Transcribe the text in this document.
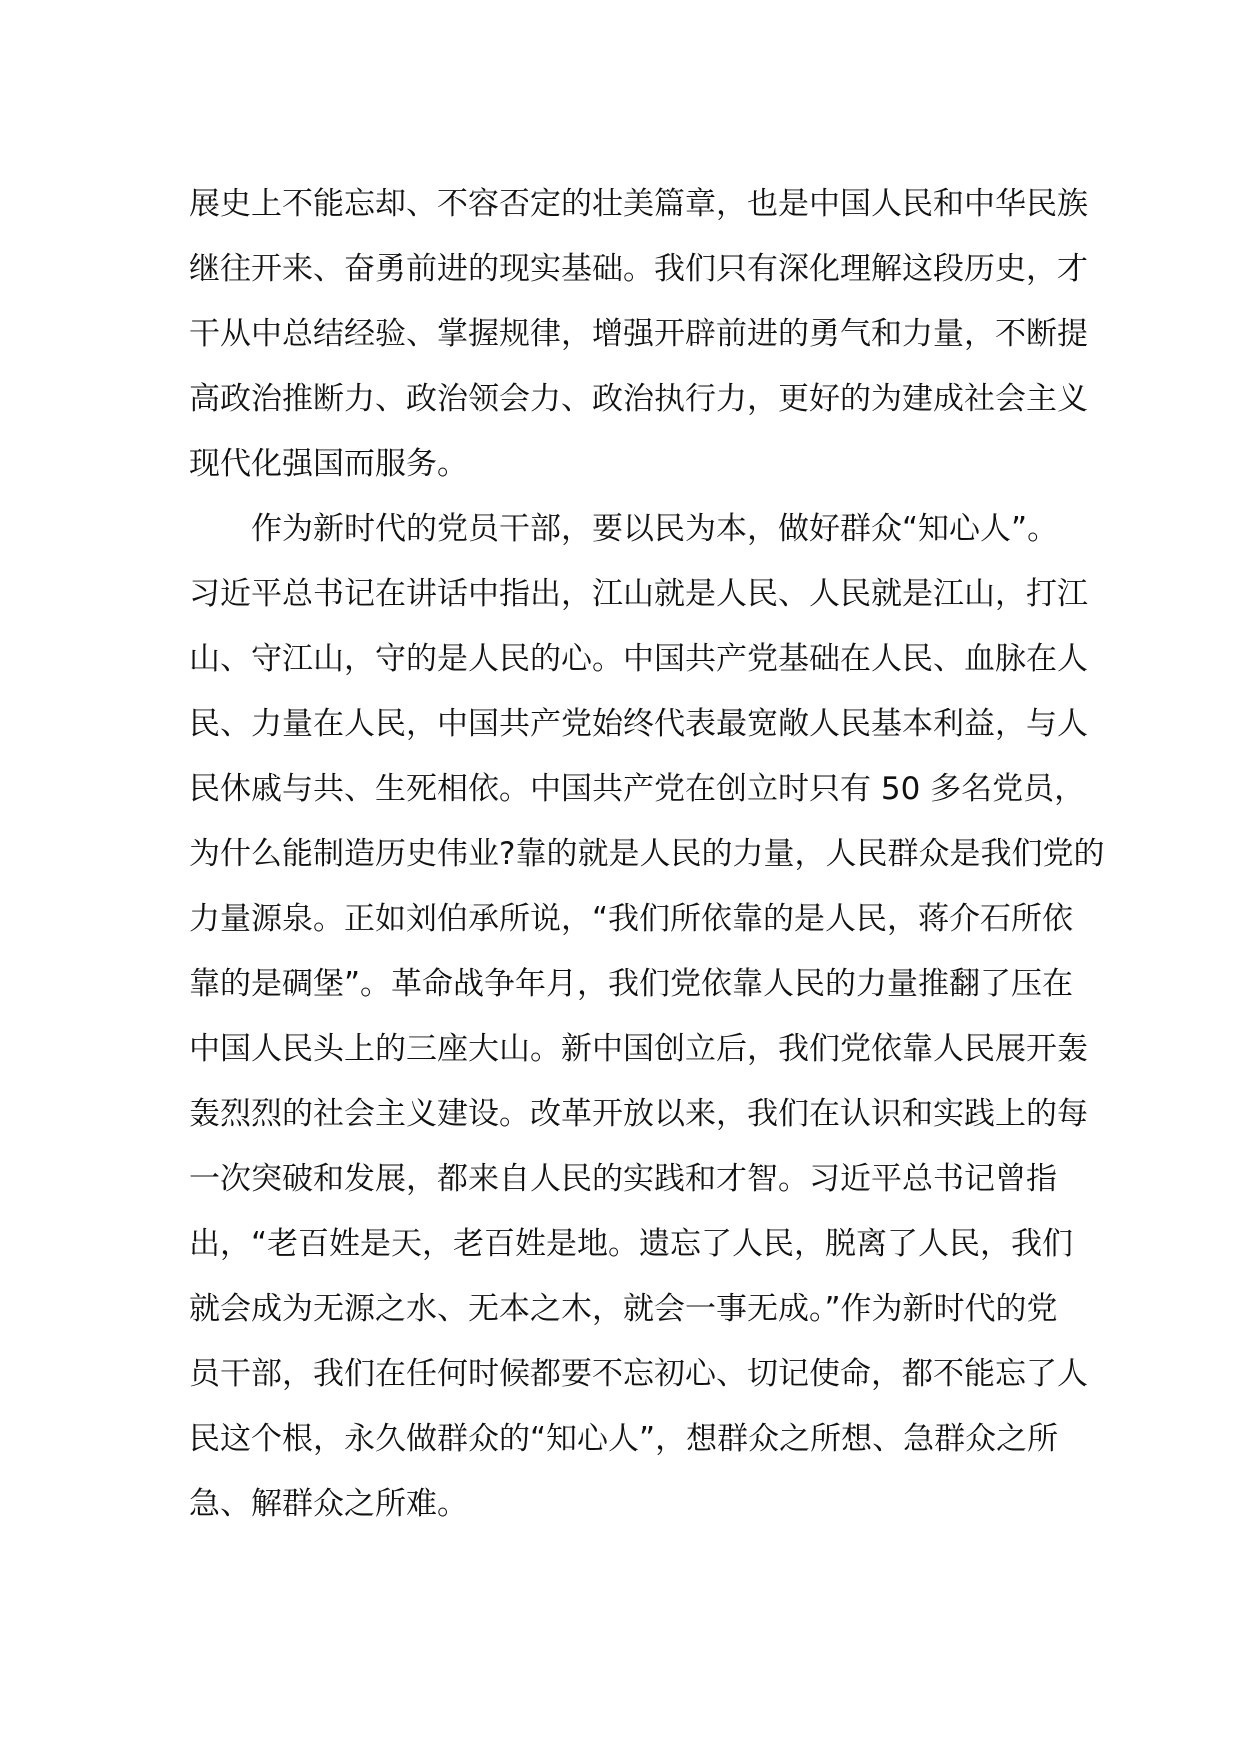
展史上不能忘却、不容否定的壮美篇章，也是中国人民和中华民族
继往开来、奋勇前进的现实基础。我们只有深化理解这段历史，才
干从中总结经验、掌握规律，增强开辟前进的勇气和力量，不断提
高政治推断力、政治领会力、政治执行力，更好的为建成社会主义
现代化强国而服务。
　　作为新时代的党员干部，要以民为本，做好群众“知心人”。
习近平总书记在讲话中指出，江山就是人民、人民就是江山，打江
山、守江山，守的是人民的心。中国共产党基础在人民、血脉在人
民、力量在人民，中国共产党始终代表最宽敞人民基本利益，与人
民休戚与共、生死相依。中国共产党在创立时只有 50 多名党员，
为什么能制造历史伟业?靠的就是人民的力量，人民群众是我们党的
力量源泉。正如刘伯承所说，“我们所依靠的是人民，蒋介石所依
靠的是碉堡”。革命战争年月，我们党依靠人民的力量推翻了压在
中国人民头上的三座大山。新中国创立后，我们党依靠人民展开轰
轰烈烈的社会主义建设。改革开放以来，我们在认识和实践上的每
一次突破和发展，都来自人民的实践和才智。习近平总书记曾指
出，“老百姓是天，老百姓是地。遗忘了人民，脱离了人民，我们
就会成为无源之水、无本之木，就会一事无成。”作为新时代的党
员干部，我们在任何时候都要不忘初心、切记使命，都不能忘了人
民这个根，永久做群众的“知心人”，想群众之所想、急群众之所
急、解群众之所难。
